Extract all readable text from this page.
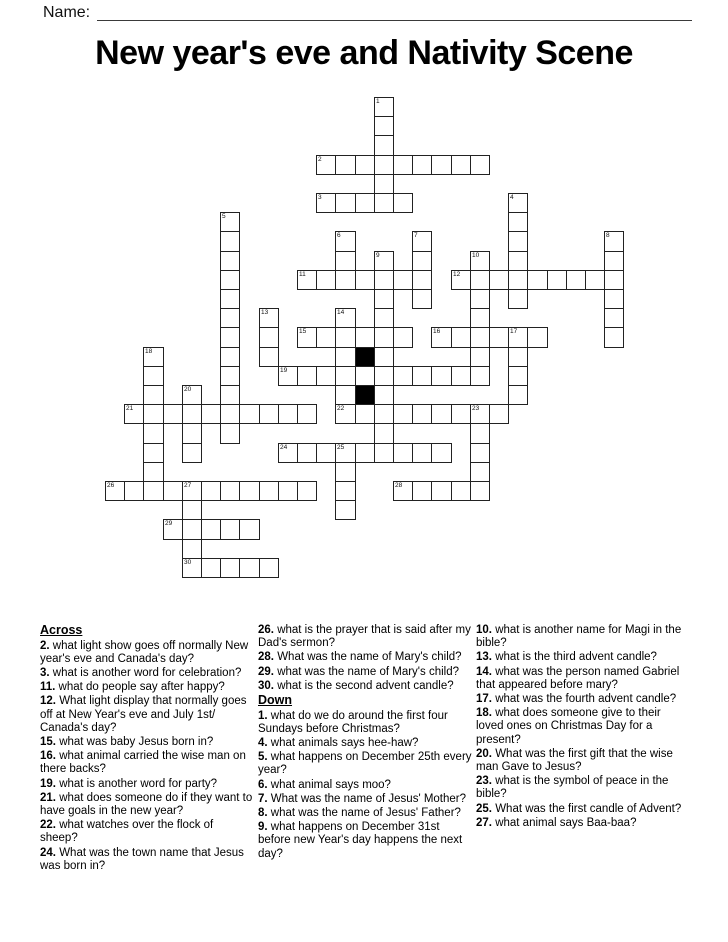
Name:
New year's eve and Nativity Scene
2
3
11	12
15	16	17
19
21	22	23
24	25
26	27	28
29
30
1
4
5
6	7	8
9	10
13	14
18
20
Across

2. what light show goes off normally New year's eve and Canada's day?

3. what is another word for celebration?

11. what do people say after happy?

12. What light display that normally goes off at New Year's eve and July 1st/ Canada's day?

15. what was baby Jesus born in?

16. what animal carried the wise man on there backs?

19. what is another word for party?

21. what does someone do if they want to have goals in the new year?

22. what watches over the flock of sheep?

24. What was the town name that Jesus was born in?

26. what is the prayer that is said after my Dad's sermon?

28. What was the name of Mary's child?

29. what was the name of Mary's child?

30. what is the second advent candle?

Down

1. what do we do around the first four Sundays before Christmas?

4. what animals says hee-haw?

5. what happens on December 25th every year?

6. what animal says moo?

7. What was the name of Jesus' Mother?

8. what was the name of Jesus' Father?

9. what happens on December 31st before new Year's day happens the next day?

10. what is another name for Magi in the bible?

13. what is the third advent candle?

14. what was the person named Gabriel that appeared before mary?

17. what was the fourth advent candle?

18. what does someone give to their loved ones on Christmas Day for a present?

20. What was the first gift that the wise man Gave to Jesus?

23. what is the symbol of peace in the bible?

25. What was the first candle of Advent?

27. what animal says Baa-baa?
